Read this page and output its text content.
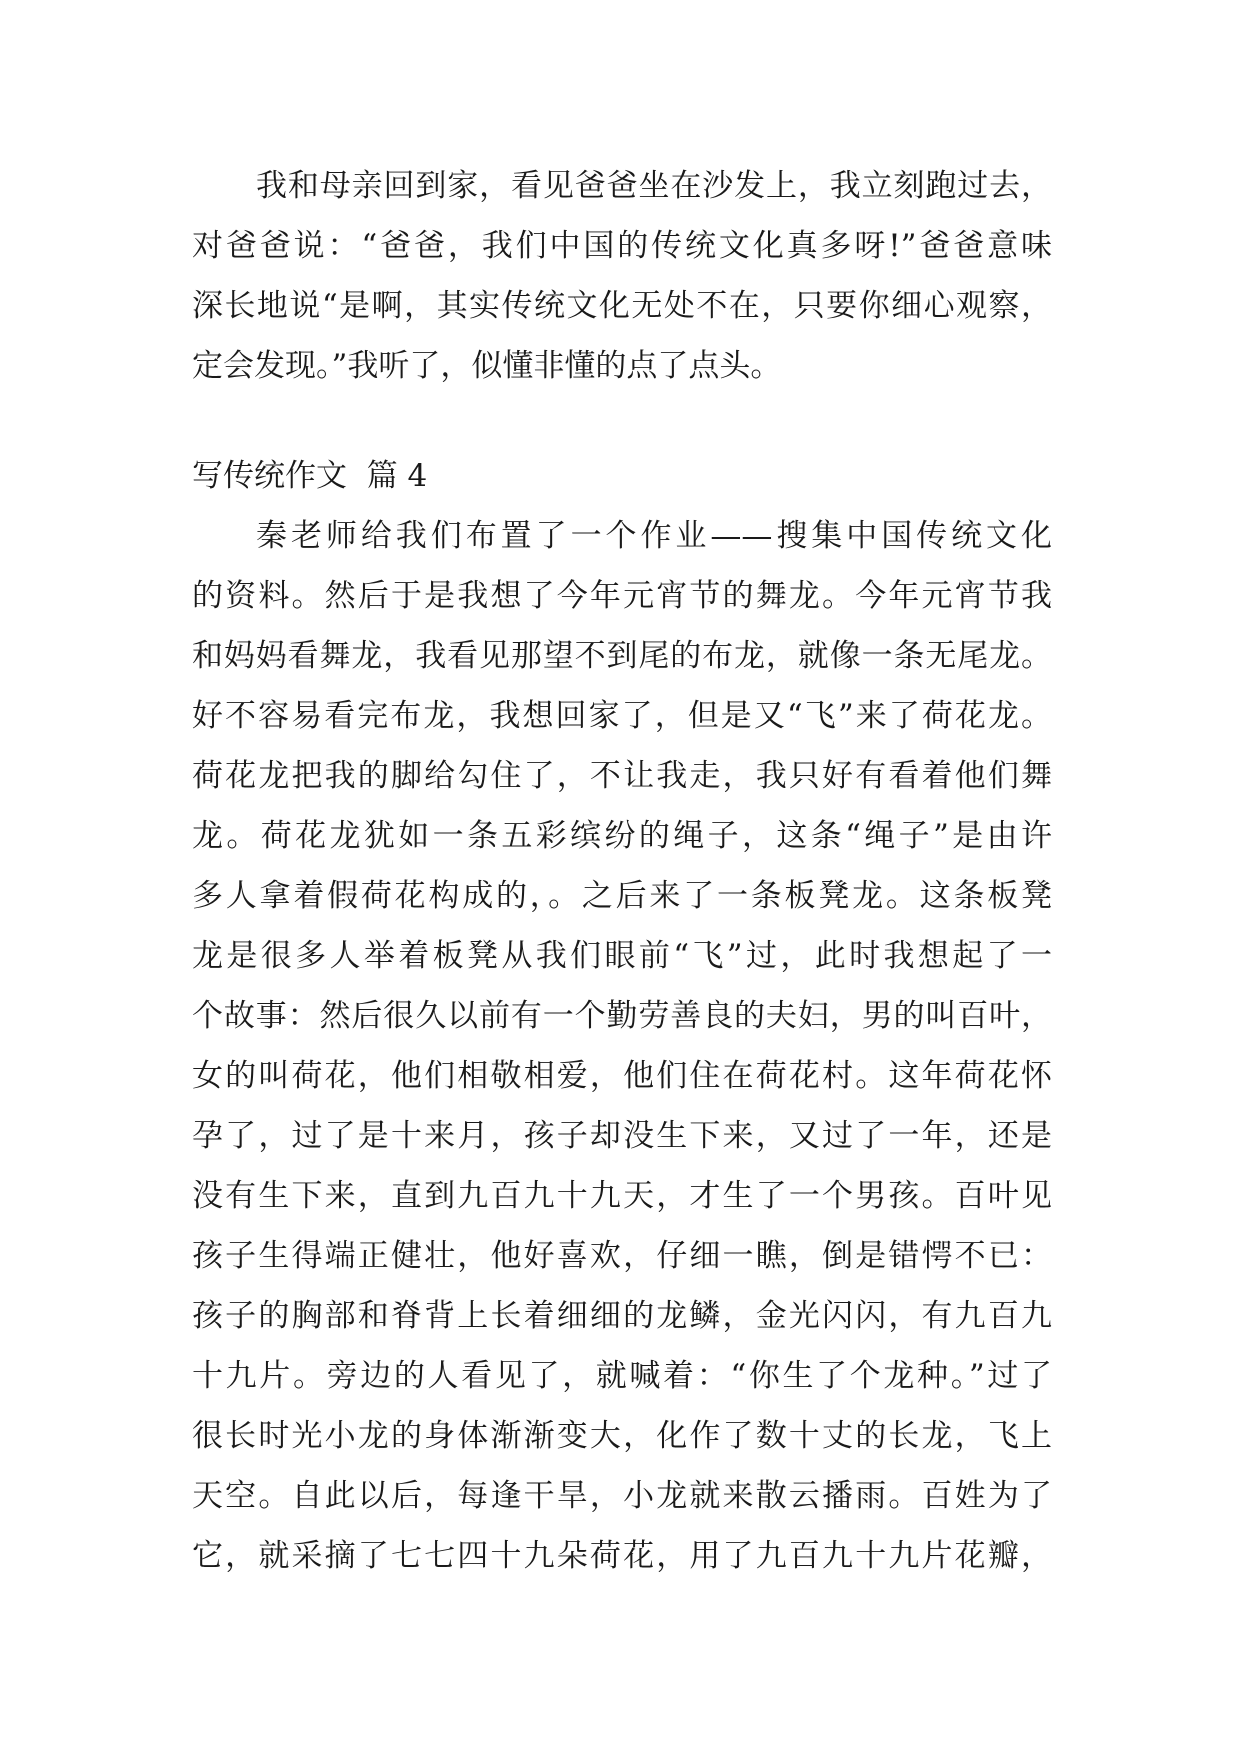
我和母亲回到家，看见爸爸坐在沙发上，我立刻跑过去，
对爸爸说：“爸爸，我们中国的传统文化真多呀!”爸爸意味
深长地说“是啊，其实传统文化无处不在，只要你细心观察，
定会发现。”我听了，似懂非懂的点了点头。
写传统作文  篇 4
秦老师给我们布置了一个作业——搜集中国传统文化
的资料。然后于是我想了今年元宵节的舞龙。今年元宵节我
和妈妈看舞龙，我看见那望不到尾的布龙，就像一条无尾龙。
好不容易看完布龙，我想回家了，但是又“飞”来了荷花龙。
荷花龙把我的脚给勾住了，不让我走，我只好有看着他们舞
龙。荷花龙犹如一条五彩缤纷的绳子，这条“绳子”是由许
多人拿着假荷花构成的，。之后来了一条板凳龙。这条板凳
龙是很多人举着板凳从我们眼前“飞”过，此时我想起了一
个故事：然后很久以前有一个勤劳善良的夫妇，男的叫百叶，
女的叫荷花，他们相敬相爱，他们住在荷花村。这年荷花怀
孕了，过了是十来月，孩子却没生下来，又过了一年，还是
没有生下来，直到九百九十九天，才生了一个男孩。百叶见
孩子生得端正健壮，他好喜欢，仔细一瞧，倒是错愕不已：
孩子的胸部和脊背上长着细细的龙鳞，金光闪闪，有九百九
十九片。旁边的人看见了，就喊着：“你生了个龙种。”过了
很长时光小龙的身体渐渐变大，化作了数十丈的长龙，飞上
天空。自此以后，每逢干旱，小龙就来散云播雨。百姓为了
它，就采摘了七七四十九朵荷花，用了九百九十九片花瓣，
